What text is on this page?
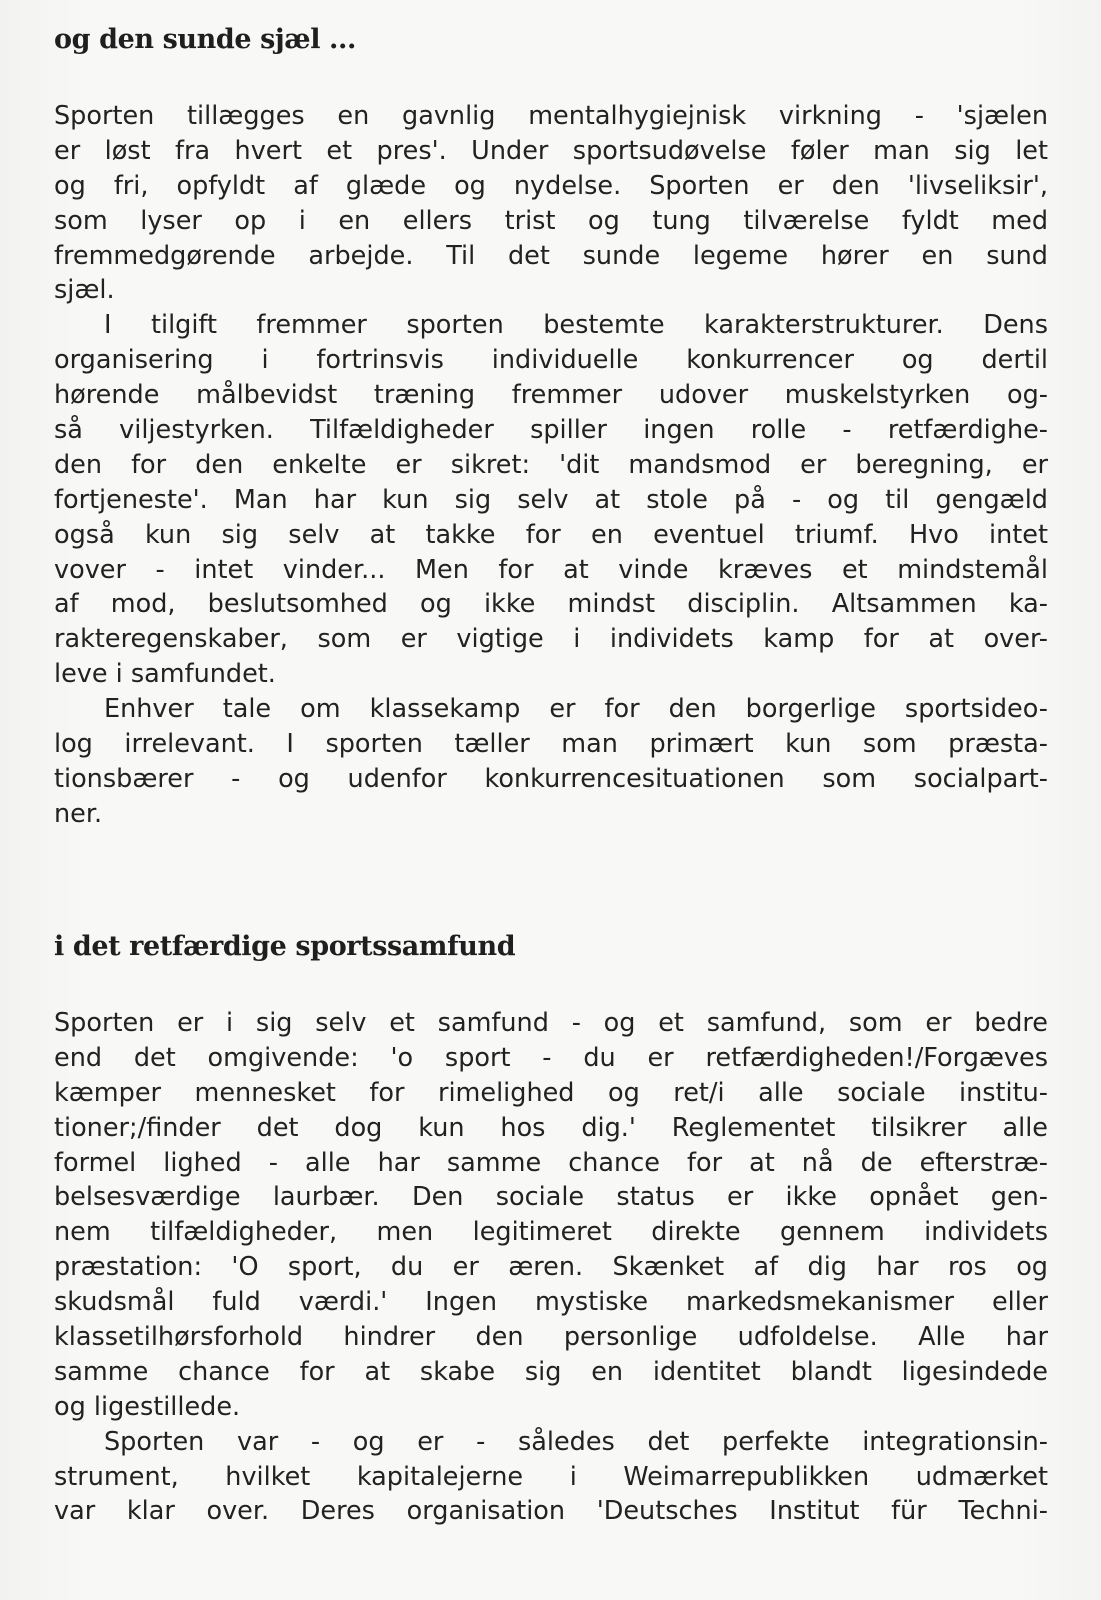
og den sunde sjæl ...
Sporten tillægges en gavnlig mentalhygiejnisk virkning - 'sjælen
er løst fra hvert et pres'. Under sportsudøvelse føler man sig let
og fri, opfyldt af glæde og nydelse. Sporten er den 'livseliksir',
som lyser op i en ellers trist og tung tilværelse fyldt med
fremmedgørende arbejde. Til det sunde legeme hører en sund
sjæl.
I tilgift fremmer sporten bestemte karakterstrukturer. Dens
organisering i fortrinsvis individuelle konkurrencer og dertil
hørende målbevidst træning fremmer udover muskelstyrken og-
så viljestyrken. Tilfældigheder spiller ingen rolle - retfærdighe-
den for den enkelte er sikret: 'dit mandsmod er beregning, er
fortjeneste'. Man har kun sig selv at stole på - og til gengæld
også kun sig selv at takke for en eventuel triumf. Hvo intet
vover - intet vinder... Men for at vinde kræves et mindstemål
af mod, beslutsomhed og ikke mindst disciplin. Altsammen ka-
rakteregenskaber, som er vigtige i individets kamp for at over-
leve i samfundet.
Enhver tale om klassekamp er for den borgerlige sportsideo-
log irrelevant. I sporten tæller man primært kun som præsta-
tionsbærer - og udenfor konkurrencesituationen som socialpart-
ner.
i det retfærdige sportssamfund
Sporten er i sig selv et samfund - og et samfund, som er bedre
end det omgivende: 'o sport - du er retfærdigheden!/Forgæves
kæmper mennesket for rimelighed og ret/i alle sociale institu-
tioner;/finder det dog kun hos dig.' Reglementet tilsikrer alle
formel lighed - alle har samme chance for at nå de efterstræ-
belsesværdige laurbær. Den sociale status er ikke opnået gen-
nem tilfældigheder, men legitimeret direkte gennem individets
præstation: 'O sport, du er æren. Skænket af dig har ros og
skudsmål fuld værdi.' Ingen mystiske markedsmekanismer eller
klassetilhørsforhold hindrer den personlige udfoldelse. Alle har
samme chance for at skabe sig en identitet blandt ligesindede
og ligestillede.
Sporten var - og er - således det perfekte integrationsin-
strument, hvilket kapitalejerne i Weimarrepublikken udmærket
var klar over. Deres organisation 'Deutsches Institut für Techni-
